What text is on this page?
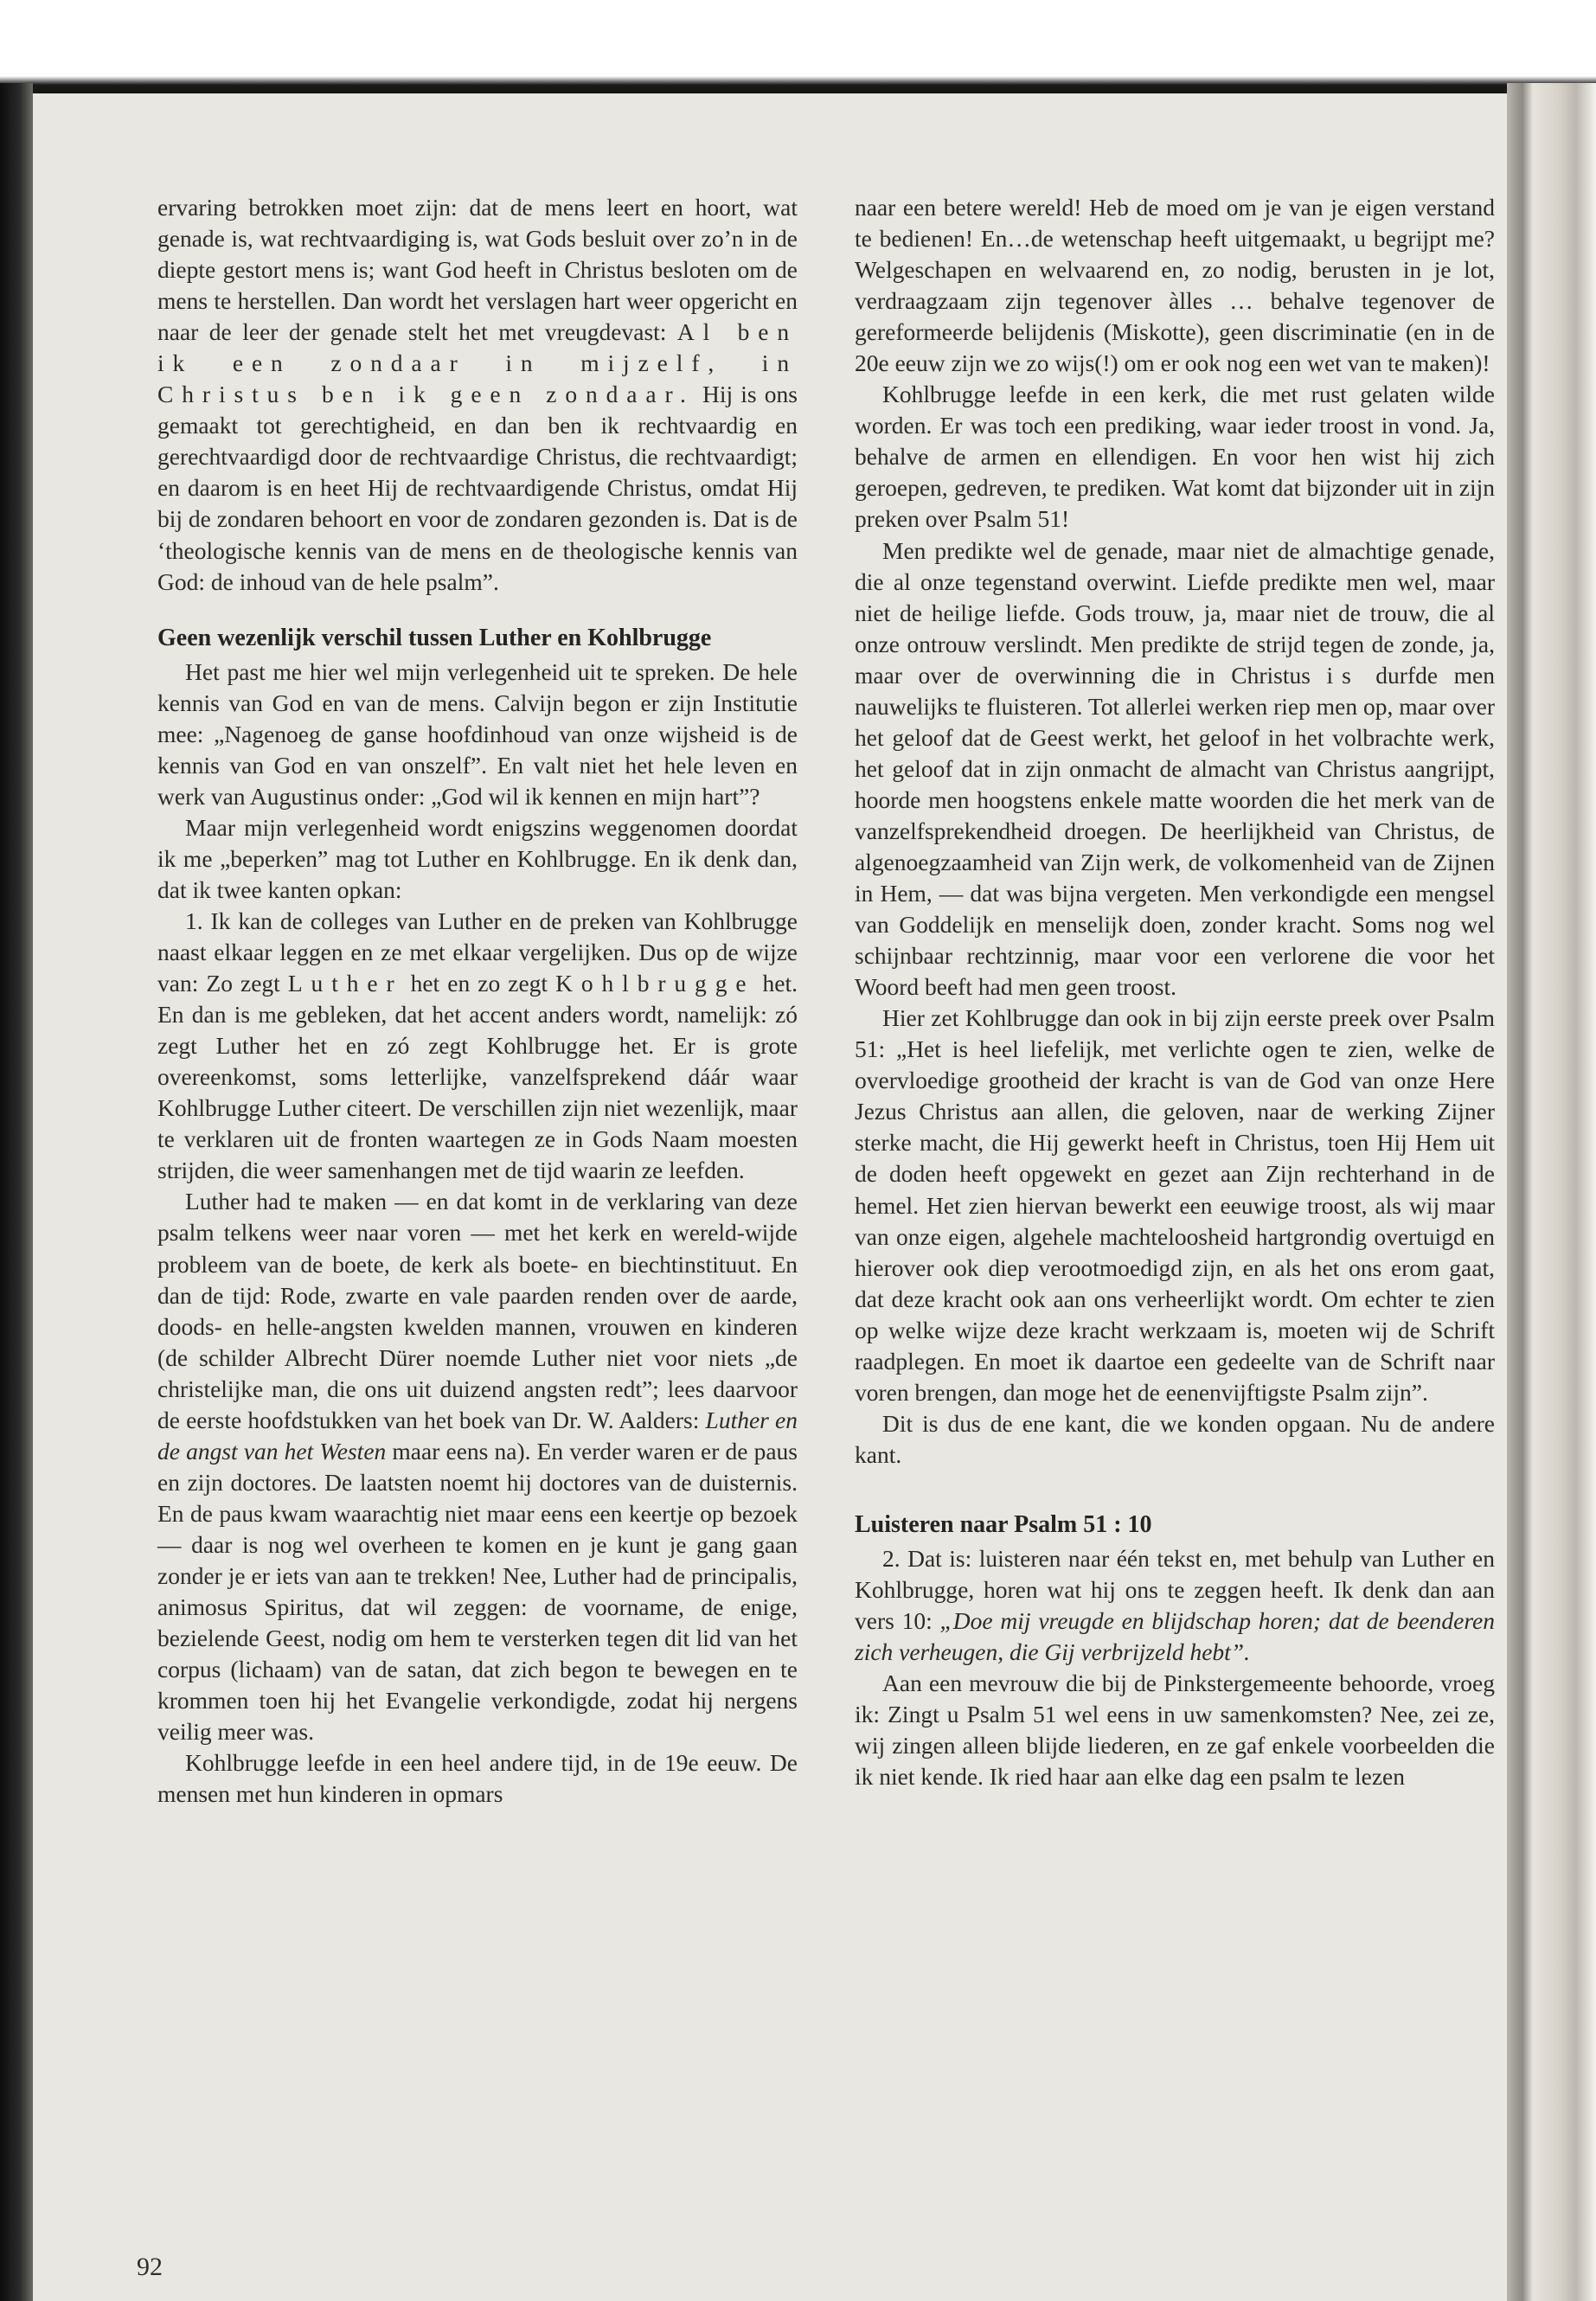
ervaring betrokken moet zijn: dat de mens leert en hoort, wat genade is, wat rechtvaardiging is, wat Gods besluit over zo’n in de diepte gestort mens is; want God heeft in Christus besloten om de mens te herstellen. Dan wordt het verslagen hart weer opgericht en naar de leer der genade stelt het met vreugdevast: Al ben ik een zondaar in mijzelf, in Christus ben ik geen zondaar. Hij is ons gemaakt tot gerechtigheid, en dan ben ik rechtvaardig en gerechtvaardigd door de rechtvaardige Christus, die rechtvaardigt; en daarom is en heet Hij de rechtvaardigende Christus, omdat Hij bij de zondaren behoort en voor de zondaren gezonden is. Dat is de ‘theologische kennis van de mens en de theologische kennis van God: de inhoud van de hele psalm”.

Geen wezenlijk verschil tussen Luther en Kohlbrugge

Het past me hier wel mijn verlegenheid uit te spreken. De hele kennis van God en van de mens. Calvijn begon er zijn Institutie mee: „Nagenoeg de ganse hoofdinhoud van onze wijsheid is de kennis van God en van onszelf”. En valt niet het hele leven en werk van Augustinus onder: „God wil ik kennen en mijn hart”?

Maar mijn verlegenheid wordt enigszins weggenomen doordat ik me „beperken” mag tot Luther en Kohlbrugge. En ik denk dan, dat ik twee kanten opkan:

1. Ik kan de colleges van Luther en de preken van Kohlbrugge naast elkaar leggen en ze met elkaar vergelijken. Dus op de wijze van: Zo zegt Luther het en zo zegt Kohlbrugge het. En dan is me gebleken, dat het accent anders wordt, namelijk: zó zegt Luther het en zó zegt Kohlbrugge het. Er is grote overeenkomst, soms letterlijke, vanzelfsprekend dáár waar Kohlbrugge Luther citeert. De verschillen zijn niet wezenlijk, maar te verklaren uit de fronten waartegen ze in Gods Naam moesten strijden, die weer samenhangen met de tijd waarin ze leefden.

Luther had te maken — en dat komt in de verklaring van deze psalm telkens weer naar voren — met het kerk en wereld-wijde probleem van de boete, de kerk als boete- en biechtinstituut. En dan de tijd: Rode, zwarte en vale paarden renden over de aarde, doods- en helle-angsten kwelden mannen, vrouwen en kinderen (de schilder Albrecht Dürer noemde Luther niet voor niets „de christelijke man, die ons uit duizend angsten redt”; lees daarvoor de eerste hoofdstukken van het boek van Dr. W. Aalders: Luther en de angst van het Westen maar eens na). En verder waren er de paus en zijn doctores. De laatsten noemt hij doctores van de duisternis. En de paus kwam waarachtig niet maar eens een keertje op bezoek — daar is nog wel overheen te komen en je kunt je gang gaan zonder je er iets van aan te trekken! Nee, Luther had de principalis, animosus Spiritus, dat wil zeggen: de voorname, de enige, bezielende Geest, nodig om hem te versterken tegen dit lid van het corpus (lichaam) van de satan, dat zich begon te bewegen en te krommen toen hij het Evangelie verkondigde, zodat hij nergens veilig meer was.

Kohlbrugge leefde in een heel andere tijd, in de 19e eeuw. De mensen met hun kinderen in opmars

naar een betere wereld! Heb de moed om je van je eigen verstand te bedienen! En…de wetenschap heeft uitgemaakt, u begrijpt me? Welgeschapen en welvaarend en, zo nodig, berusten in je lot, verdraagzaam zijn tegenover àlles … behalve tegenover de gereformeerde belijdenis (Miskotte), geen discriminatie (en in de 20e eeuw zijn we zo wijs(!) om er ook nog een wet van te maken)!

Kohlbrugge leefde in een kerk, die met rust gelaten wilde worden. Er was toch een prediking, waar ieder troost in vond. Ja, behalve de armen en ellendigen. En voor hen wist hij zich geroepen, gedreven, te prediken. Wat komt dat bijzonder uit in zijn preken over Psalm 51!

Men predikte wel de genade, maar niet de almachtige genade, die al onze tegenstand overwint. Liefde predikte men wel, maar niet de heilige liefde. Gods trouw, ja, maar niet de trouw, die al onze ontrouw verslindt. Men predikte de strijd tegen de zonde, ja, maar over de overwinning die in Christus is durfde men nauwelijks te fluisteren. Tot allerlei werken riep men op, maar over het geloof dat de Geest werkt, het geloof in het volbrachte werk, het geloof dat in zijn onmacht de almacht van Christus aangrijpt, hoorde men hoogstens enkele matte woorden die het merk van de vanzelfsprekendheid droegen. De heerlijkheid van Christus, de algenoegzaamheid van Zijn werk, de volkomenheid van de Zijnen in Hem, — dat was bijna vergeten. Men verkondigde een mengsel van Goddelijk en menselijk doen, zonder kracht. Soms nog wel schijnbaar rechtzinnig, maar voor een verlorene die voor het Woord beeft had men geen troost.

Hier zet Kohlbrugge dan ook in bij zijn eerste preek over Psalm 51: „Het is heel liefelijk, met verlichte ogen te zien, welke de overvloedige grootheid der kracht is van de God van onze Here Jezus Christus aan allen, die geloven, naar de werking Zijner sterke macht, die Hij gewerkt heeft in Christus, toen Hij Hem uit de doden heeft opgewekt en gezet aan Zijn rechterhand in de hemel. Het zien hiervan bewerkt een eeuwige troost, als wij maar van onze eigen, algehele machteloosheid hartgrondig overtuigd en hierover ook diep verootmoedigd zijn, en als het ons erom gaat, dat deze kracht ook aan ons verheerlijkt wordt. Om echter te zien op welke wijze deze kracht werkzaam is, moeten wij de Schrift raadplegen. En moet ik daartoe een gedeelte van de Schrift naar voren brengen, dan moge het de eenenvijftigste Psalm zijn”.

Dit is dus de ene kant, die we konden opgaan. Nu de andere kant.

Luisteren naar Psalm 51 : 10

2. Dat is: luisteren naar één tekst en, met behulp van Luther en Kohlbrugge, horen wat hij ons te zeggen heeft. Ik denk dan aan vers 10: „Doe mij vreugde en blijdschap horen; dat de beenderen zich verheugen, die Gij verbrijzeld hebt”.

Aan een mevrouw die bij de Pinkstergemeente behoorde, vroeg ik: Zingt u Psalm 51 wel eens in uw samenkomsten? Nee, zei ze, wij zingen alleen blijde liederen, en ze gaf enkele voorbeelden die ik niet kende. Ik ried haar aan elke dag een psalm te lezen

92
